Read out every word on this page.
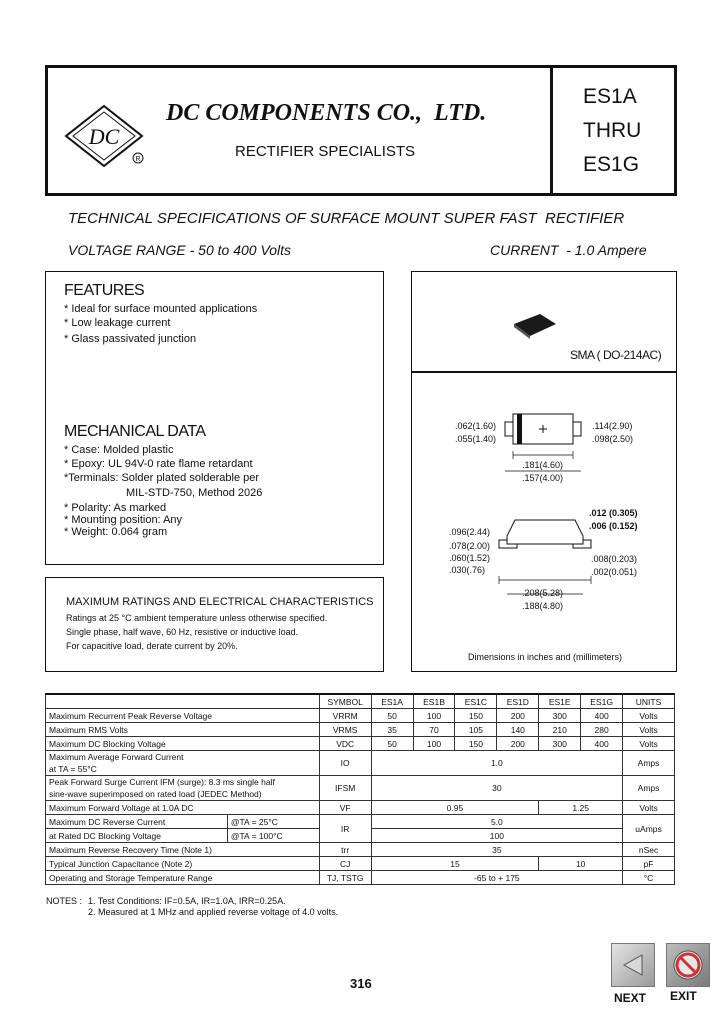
DC
R
DC COMPONENTS CO.,  LTD.
RECTIFIER SPECIALISTS
ES1A
THRU
ES1G
TECHNICAL SPECIFICATIONS OF SURFACE MOUNT SUPER FAST  RECTIFIER
VOLTAGE RANGE - 50 to 400 Volts	CURRENT  - 1.0 Ampere
FEATURES
* Ideal for surface mounted applications
* Low leakage current
* Glass passivated junction
MECHANICAL DATA
* Case: Molded plastic
* Epoxy: UL 94V-0 rate flame retardant
*Terminals: Solder plated solderable per
MIL-STD-750, Method 2026
* Polarity: As marked
* Mounting position: Any
* Weight: 0.064 gram
SMA ( DO-214AC)
.062(1.60)
.055(1.40)
.114(2.90)
.098(2.50)
.181(4.60)
.157(4.00)
.012 (0.305)
.006 (0.152)
.096(2.44)
.078(2.00)
.060(1.52)
.030(.76)
.008(0.203)
.002(0.051)
.208(5.28)
.188(4.80)
Dimensions in inches and (millimeters)
MAXIMUM RATINGS AND ELECTRICAL CHARACTERISTICS
Ratings at 25 °C ambient temperature unless otherwise specified.
Single phase, half wave, 60 Hz, resistive or inductive load.
For capacitive load, derate current by 20%.
		SYMBOL	ES1A	ES1B	ES1C	ES1D	ES1E	ES1G	UNITS
Maximum Recurrent Peak Reverse Voltage		VRRM	50	100	150	200	300	400	Volts
Maximum RMS Volts		VRMS	35	70	105	140	210	280	Volts
Maximum DC Blocking Voltage		VDC	50	100	150	200	300	400	Volts
Maximum Average Forward Current
at TA = 55°C		IO	1.0						Amps
Peak Forward Surge Current IFM (surge): 8.3 ms single half
sine-wave superimposed on rated load (JEDEC Method)		IFSM	30						Amps
Maximum Forward Voltage at 1.0A DC		VF	0.95				1.25		Volts
Maximum DC Reverse Current	@TA = 25°C	IR	5.0						uAmps
at Rated DC Blocking Voltage	@TA = 100°C		100						
Maximum Reverse Recovery Time (Note 1)		trr	35						nSec
Typical Junction Capacitance (Note 2)		CJ	15				10		pF
Operating and Storage Temperature Range		TJ, TSTG	-65 to + 175						°C
NOTES : 1. Test Conditions: IF=0.5A, IR=1.0A, IRR=0.25A.
2. Measured at 1 MHz and applied reverse voltage of 4.0 volts.
316
NEXT EXIT
